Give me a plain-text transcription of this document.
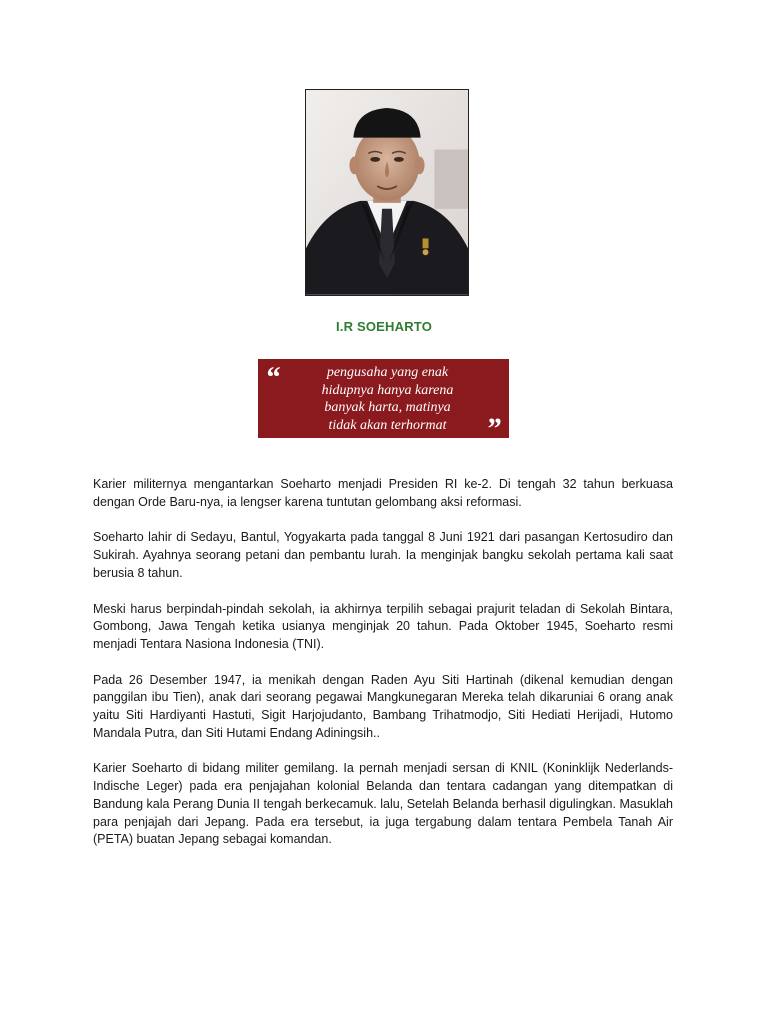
I.R SOEHARTO
“	pengusaha yang enak
hidupnya hanya karena
banyak harta, matinya
tidak akan terhormat	”

Karier militernya mengantarkan Soeharto menjadi Presiden RI ke-2. Di tengah 32 tahun berkuasa dengan Orde Baru-nya, ia lengser karena tuntutan gelombang aksi reformasi.

Soeharto lahir di Sedayu, Bantul, Yogyakarta pada tanggal 8 Juni 1921 dari pasangan Kertosudiro dan Sukirah. Ayahnya seorang petani dan pembantu lurah. Ia menginjak bangku sekolah pertama kali saat berusia 8 tahun.

Meski harus berpindah-pindah sekolah, ia akhirnya terpilih sebagai prajurit teladan di Sekolah Bintara, Gombong, Jawa Tengah ketika usianya menginjak 20 tahun. Pada Oktober 1945, Soeharto resmi menjadi Tentara Nasiona Indonesia (TNI).

Pada 26 Desember 1947, ia menikah dengan Raden Ayu Siti Hartinah (dikenal kemudian dengan panggilan ibu Tien), anak dari seorang pegawai Mangkunegaran Mereka telah dikaruniai 6 orang anak yaitu Siti Hardiyanti Hastuti, Sigit Harjojudanto, Bambang Trihatmodjo, Siti Hediati Herijadi, Hutomo Mandala Putra, dan Siti Hutami Endang Adiningsih..

Karier Soeharto di bidang militer gemilang. Ia pernah menjadi sersan di KNIL (Koninklijk Nederlands-Indische Leger) pada era penjajahan kolonial Belanda dan tentara cadangan yang ditempatkan di Bandung kala Perang Dunia II tengah berkecamuk. lalu, Setelah Belanda berhasil digulingkan. Masuklah para penjajah dari Jepang. Pada era tersebut, ia juga tergabung dalam tentara Pembela Tanah Air (PETA) buatan Jepang sebagai komandan.
